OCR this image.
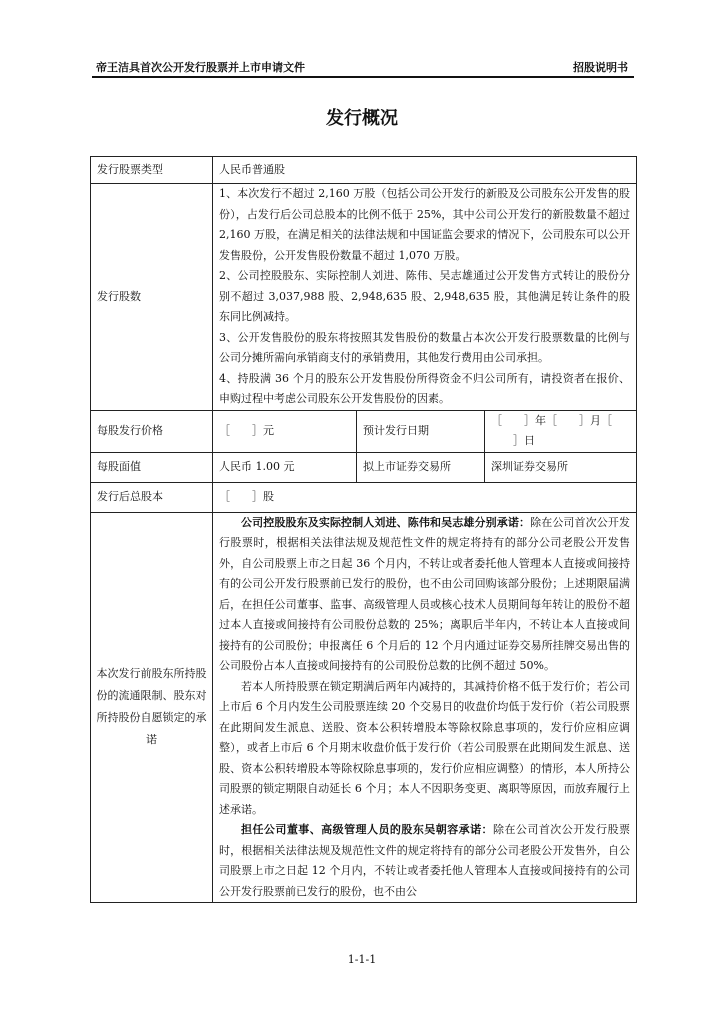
帝王洁具首次公开发行股票并上市申请文件	招股说明书
发行概况
发行股票类型	人民币普通股		
发行股数	1、本次发行不超过 2,160 万股（包括公司公开发行的新股及公司股东公开发售的股份），占发行后公司总股本的比例不低于 25%，其中公司公开发行的新股数量不超过 2,160 万股，在满足相关的法律法规和中国证监会要求的情况下，公司股东可以公开发售股份，公开发售股份数量不超过 1,070 万股。

2、公司控股股东、实际控制人刘进、陈伟、吴志雄通过公开发售方式转让的股份分别不超过 3,037,988 股、2,948,635 股、2,948,635 股，其他满足转让条件的股东同比例减持。

3、公开发售股份的股东将按照其发售股份的数量占本次公开发行股票数量的比例与公司分摊所需向承销商支付的承销费用，其他发行费用由公司承担。

4、持股满 36 个月的股东公开发售股份所得资金不归公司所有，请投资者在报价、申购过程中考虑公司股东公开发售股份的因素。		

每股发行价格	［ ］元	预计发行日期	［ ］年［ ］月［］日
每股面值	人民币 1.00 元	拟上市证券交易所	深圳证券交易所
发行后总股本	［ ］股		
本次发行前股东所持股份的流通限制、股东对所持股份自愿锁定的承诺	公司控股股东及实际控制人刘进、陈伟和吴志雄分别承诺：除在公司首次公开发行股票时，根据相关法律法规及规范性文件的规定将持有的部分公司老股公开发售外，自公司股票上市之日起 36 个月内，不转让或者委托他人管理本人直接或间接持有的公司公开发行股票前已发行的股份，也不由公司回购该部分股份；上述期限届满后，在担任公司董事、监事、高级管理人员或核心技术人员期间每年转让的股份不超过本人直接或间接持有公司股份总数的 25%；离职后半年内，不转让本人直接或间接持有的公司股份；申报离任 6 个月后的 12 个月内通过证券交易所挂牌交易出售的公司股份占本人直接或间接持有的公司股份总数的比例不超过 50%。

若本人所持股票在锁定期满后两年内减持的，其减持价格不低于发行价；若公司上市后 6 个月内发生公司股票连续 20 个交易日的收盘价均低于发行价（若公司股票在此期间发生派息、送股、资本公积转增股本等除权除息事项的，发行价应相应调整），或者上市后 6 个月期末收盘价低于发行价（若公司股票在此期间发生派息、送股、资本公积转增股本等除权除息事项的，发行价应相应调整）的情形，本人所持公司股票的锁定期限自动延长 6 个月；本人不因职务变更、离职等原因，而放弃履行上述承诺。

担任公司董事、高级管理人员的股东吴朝容承诺：除在公司首次公开发行股票时，根据相关法律法规及规范性文件的规定将持有的部分公司老股公开发售外，自公司股票上市之日起 12 个月内，不转让或者委托他人管理本人直接或间接持有的公司公开发行股票前已发行的股份，也不由公		

1-1-1
